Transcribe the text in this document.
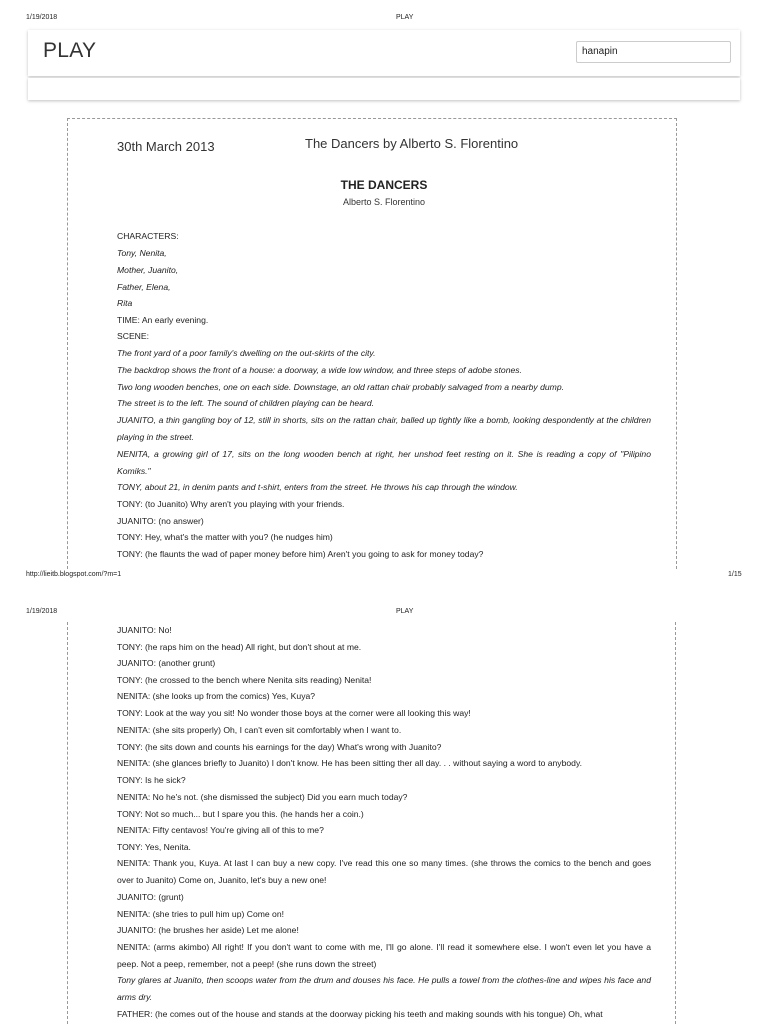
1/19/2018	PLAY
PLAY	hanapin
30th March 2013	The Dancers by Alberto S. Florentino
THE DANCERS
Alberto S. Florentino
CHARACTERS:
Tony, Nenita,
Mother, Juanito,
Father, Elena,
Rita
TIME: An early evening.
SCENE:
The front yard of a poor family's dwelling on the out-skirts of the city.
The backdrop shows the front of a house: a doorway, a wide low window, and three steps of adobe stones.
Two long wooden benches, one on each side. Downstage, an old rattan chair probably salvaged from a nearby dump.
The street is to the left. The sound of children playing can be heard.
JUANITO, a thin gangling boy of 12, still in shorts, sits on the rattan chair, balled up tightly like a bomb, looking despondently at the children playing in the street.
NENITA, a growing girl of 17, sits on the long wooden bench at right, her unshod feet resting on it. She is reading a copy of "Pilipino Komiks."
TONY, about 21, in denim pants and t-shirt, enters from the street. He throws his cap through the window.
TONY: (to Juanito) Why aren't you playing with your friends.
JUANITO: (no answer)
TONY: Hey, what's the matter with you? (he nudges him)
TONY: (he flaunts the wad of paper money before him) Aren't you going to ask for money today?
http://lieitb.blogspot.com/?m=1	1/15
1/19/2018	PLAY
JUANITO: No!
TONY: (he raps him on the head) All right, but don't shout at me.
JUANITO: (another grunt)
TONY: (he crossed to the bench where Nenita sits reading) Nenita!
NENITA: (she looks up from the comics) Yes, Kuya?
TONY: Look at the way you sit! No wonder those boys at the corner were all looking this way!
NENITA: (she sits properly) Oh, I can't even sit comfortably when I want to.
TONY: (he sits down and counts his earnings for the day) What's wrong with Juanito?
NENITA: (she glances briefly to Juanito) I don't know. He has been sitting ther all day. . . without saying a word to anybody.
TONY: Is he sick?
NENITA: No he's not. (she dismissed the subject) Did you earn much today?
TONY: Not so much... but I spare you this. (he hands her a coin.)
NENITA: Fifty centavos! You're giving all of this to me?
TONY: Yes, Nenita.
NENITA: Thank you, Kuya. At last I can buy a new copy. I've read this one so many times. (she throws the comics to the bench and goes over to Juanito) Come on, Juanito, let's buy a new one!
JUANITO: (grunt)
NENITA: (she tries to pull him up) Come on!
JUANITO: (he brushes her aside) Let me alone!
NENITA: (arms akimbo) All right! If you don't want to come with me, I'll go alone. I'll read it somewhere else. I won't even let you have a peep. Not a peep, remember, not a peep! (she runs down the street)
Tony glares at Juanito, then scoops water from the drum and douses his face. He pulls a towel from the clothes-line and wipes his face and arms dry.
FATHER: (he comes out of the house and stands at the doorway picking his teeth and making sounds with his tongue) Oh, what
